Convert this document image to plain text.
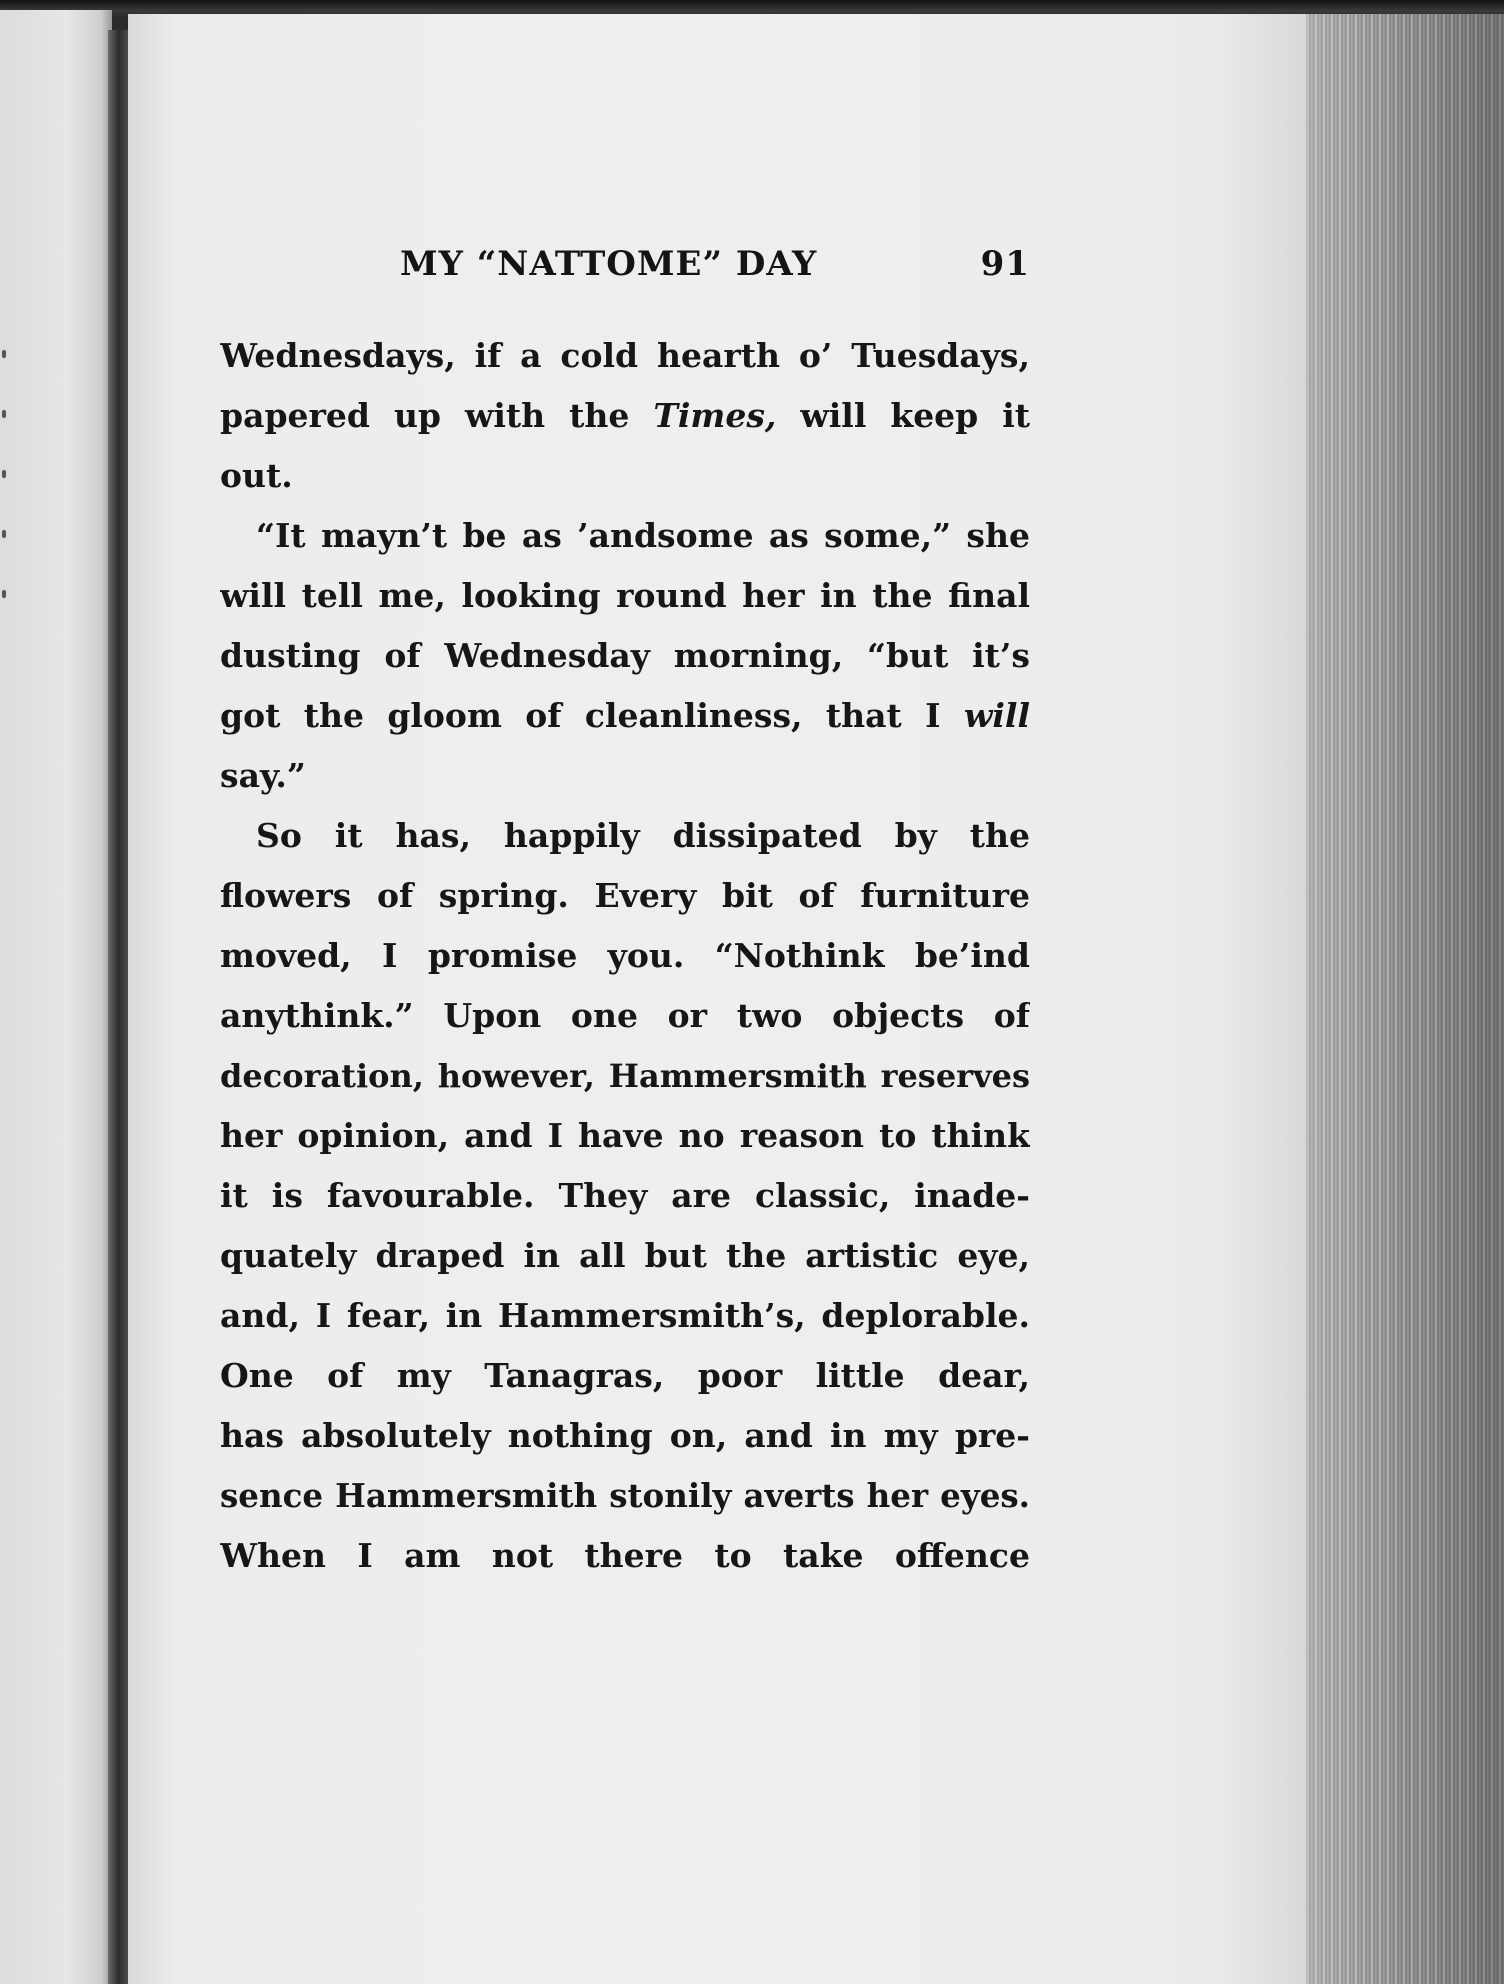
MY “NATTOME” DAY	91
Wednesdays, if a cold hearth o’ Tuesdays,
papered up with the Times, will keep it
out.
“It mayn’t be as ’andsome as some,” she
will tell me, looking round her in the final
dusting of Wednesday morning, “but it’s
got the gloom of cleanliness, that I will
say.”
So it has, happily dissipated by the
flowers of spring. Every bit of furniture
moved, I promise you. “Nothink be’ind
anythink.” Upon one or two objects of
decoration, however, Hammersmith reserves
her opinion, and I have no reason to think
it is favourable. They are classic, inade-
quately draped in all but the artistic eye,
and, I fear, in Hammersmith’s, deplorable.
One of my Tanagras, poor little dear,
has absolutely nothing on, and in my pre-
sence Hammersmith stonily averts her eyes.
When I am not there to take offence
